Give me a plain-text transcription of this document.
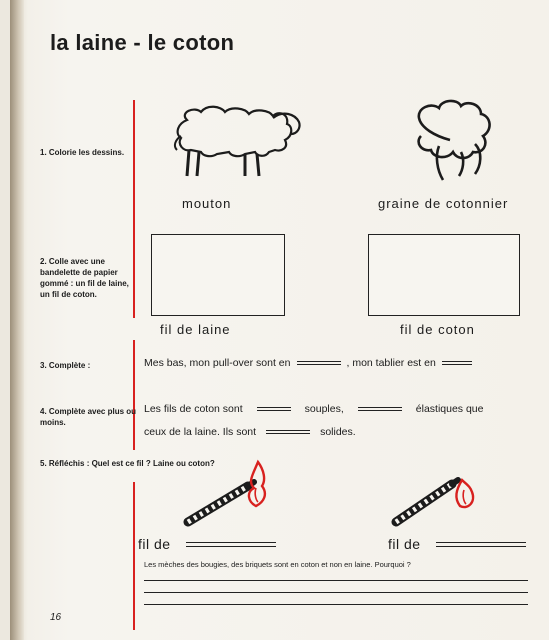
la laine - le coton
1. Colorie les dessins.
mouton	graine de cotonnier
2. Colle avec une bandelette de papier gommé : un fil de laine, un fil de coton.
fil de laine	fil de coton
3. Complète :	Mes bas, mon pull-over sont en	, mon tablier est en
4. Complète avec plus ou moins.
Les fils de coton sont	souples,	élastiques que
ceux de la laine. Ils sont	solides.
5. Réfléchis : Quel est ce fil ? Laine ou coton?
fil de	fil de
Les mèches des bougies, des briquets sont en coton et non en laine. Pourquoi ?
16
